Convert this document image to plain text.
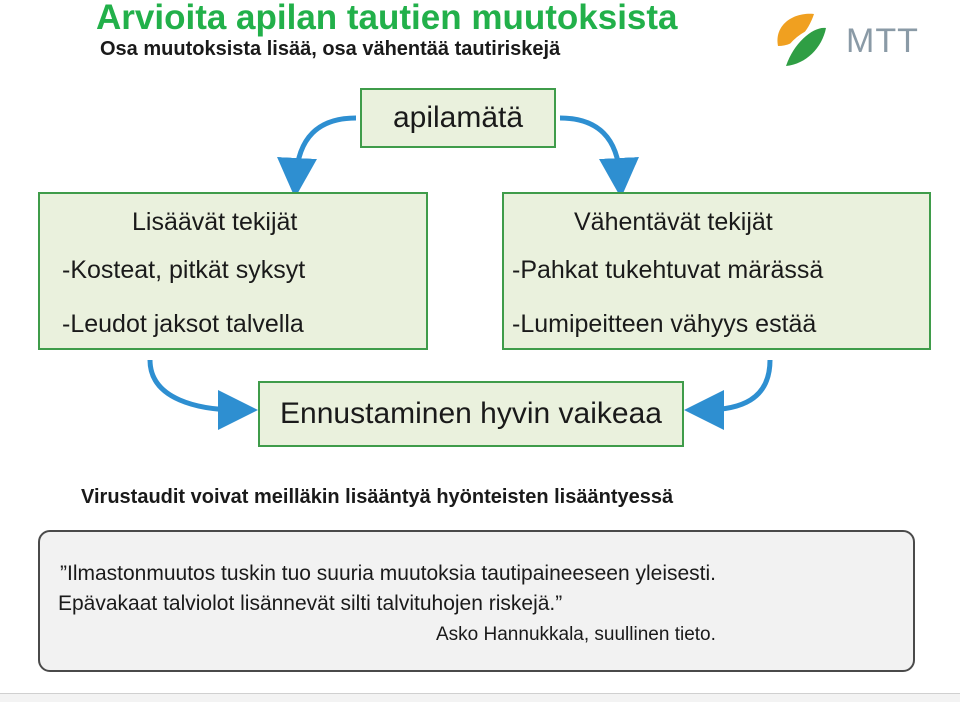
Arvioita apilan tautien muutoksista
Osa muutoksista lisää, osa vähentää tautiriskejä	MTT
apilamätä
Lisäävät tekijät
-Kosteat, pitkät syksyt
-Leudot jaksot talvella
Vähentävät tekijät
-Pahkat tukehtuvat märässä
-Lumipeitteen vähyys estää
Ennustaminen hyvin vaikeaa
Virustaudit voivat meilläkin lisääntyä hyönteisten lisääntyessä
”Ilmastonmuutos tuskin tuo suuria muutoksia tautipaineeseen yleisesti.
Epävakaat talviolot lisännevät silti talvituhojen riskejä.”
Asko Hannukkala, suullinen tieto.
